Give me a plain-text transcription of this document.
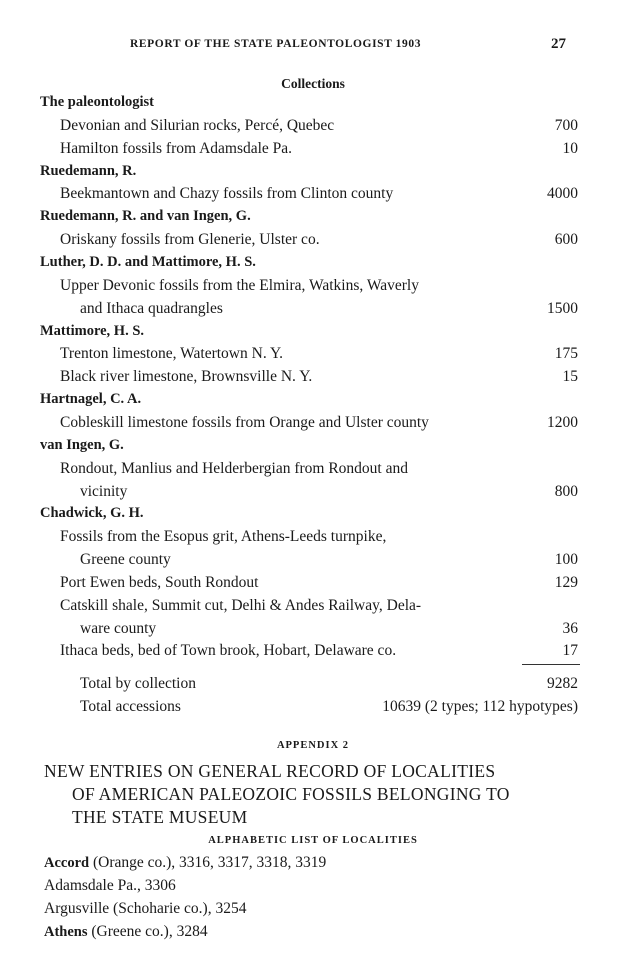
REPORT OF THE STATE PALEONTOLOGIST 1903	27
Collections
The paleontologist
Devonian and Silurian rocks, Percé, Quebec	700
Hamilton fossils from Adamsdale Pa.	10
Ruedemann, R.
Beekmantown and Chazy fossils from Clinton county	4000
Ruedemann, R. and van Ingen, G.
Oriskany fossils from Glenerie, Ulster co.	600
Luther, D. D. and Mattimore, H. S.
Upper Devonic fossils from the Elmira, Watkins, Waverly
and Ithaca quadrangles	1500
Mattimore, H. S.
Trenton limestone, Watertown N. Y.	175
Black river limestone, Brownsville N. Y.	15
Hartnagel, C. A.
Cobleskill limestone fossils from Orange and Ulster county	1200
van Ingen, G.
Rondout, Manlius and Helderbergian from Rondout and
vicinity	800
Chadwick, G. H.
Fossils from the Esopus grit, Athens-Leeds turnpike,
Greene county	100
Port Ewen beds, South Rondout	129
Catskill shale, Summit cut, Delhi & Andes Railway, Dela-
ware county	36
Ithaca beds, bed of Town brook, Hobart, Delaware co.	17
Total by collection	9282
Total accessions	10639 (2 types; 112 hypotypes)
APPENDIX 2
NEW ENTRIES ON GENERAL RECORD OF LOCALITIES
OF AMERICAN PALEOZOIC FOSSILS BELONGING TO
THE STATE MUSEUM
ALPHABETIC LIST OF LOCALITIES
Accord (Orange co.), 3316, 3317, 3318, 3319
Adamsdale Pa., 3306
Argusville (Schoharie co.), 3254
Athens (Greene co.), 3284
